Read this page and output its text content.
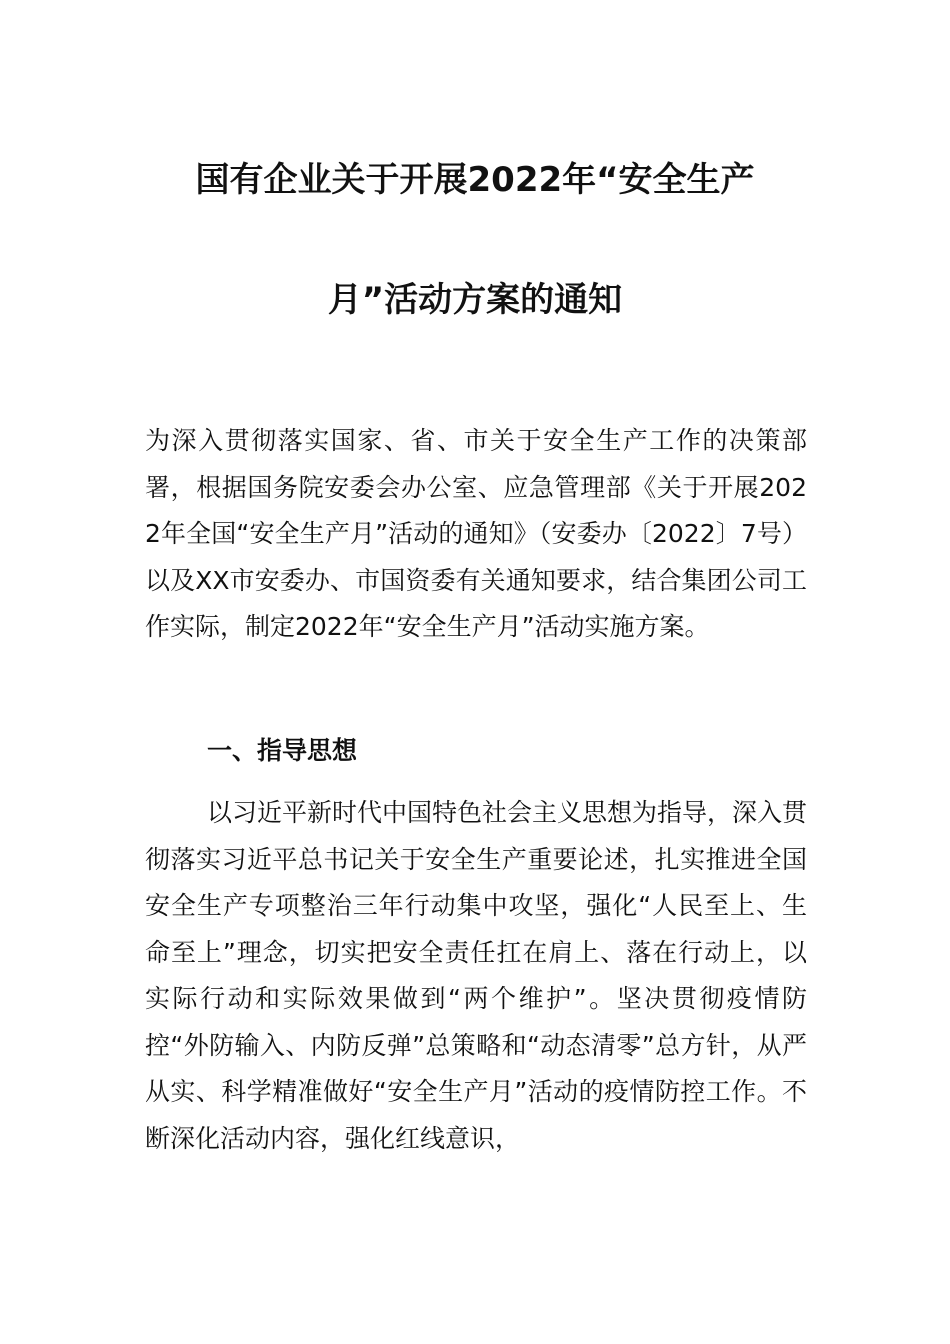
国有企业关于开展2022年“安全生产
月”活动方案的通知
为深入贯彻落实国家、省、市关于安全生产工作的决策部署，根据国务院安委会办公室、应急管理部《关于开展2022年全国“安全生产月”活动的通知》（安委办〔2022〕7号）以及XX市安委办、市国资委有关通知要求，结合集团公司工作实际，制定2022年“安全生产月”活动实施方案。
一、指导思想
以习近平新时代中国特色社会主义思想为指导，深入贯彻落实习近平总书记关于安全生产重要论述，扎实推进全国安全生产专项整治三年行动集中攻坚，强化“人民至上、生命至上”理念，切实把安全责任扛在肩上、落在行动上，以实际行动和实际效果做到“两个维护”。坚决贯彻疫情防控“外防输入、内防反弹”总策略和“动态清零”总方针，从严从实、科学精准做好“安全生产月”活动的疫情防控工作。不断深化活动内容，强化红线意识，
